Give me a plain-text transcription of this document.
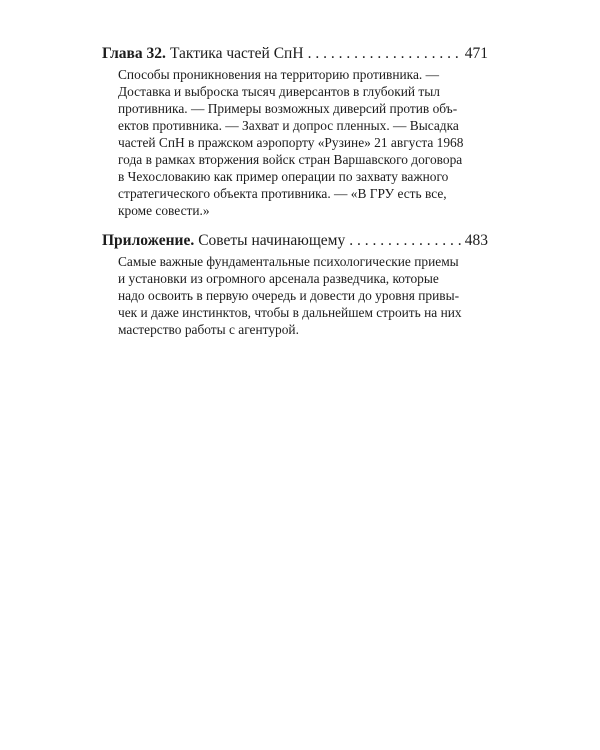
Глава 32. Тактика частей СпН . . .	471
Способы проникновения на территорию противника. —
Доставка и выброска тысяч диверсантов в глубокий тыл
противника. — Примеры возможных диверсий против объ-
ектов противника. — Захват и допрос пленных. — Высадка
частей СпН в пражском аэропорту «Рузине» 21 августа 1968
года в рамках вторжения войск стран Варшавского договора
в Чехословакию как пример операции по захвату важного
стратегического объекта противника. — «В ГРУ есть все,
кроме совести.»
Приложение. Советы начинающему . . .	483
Самые важные фундаментальные психологические приемы
и установки из огромного арсенала разведчика, которые
надо освоить в первую очередь и довести до уровня привы-
чек и даже инстинктов, чтобы в дальнейшем строить на них
мастерство работы с агентурой.
